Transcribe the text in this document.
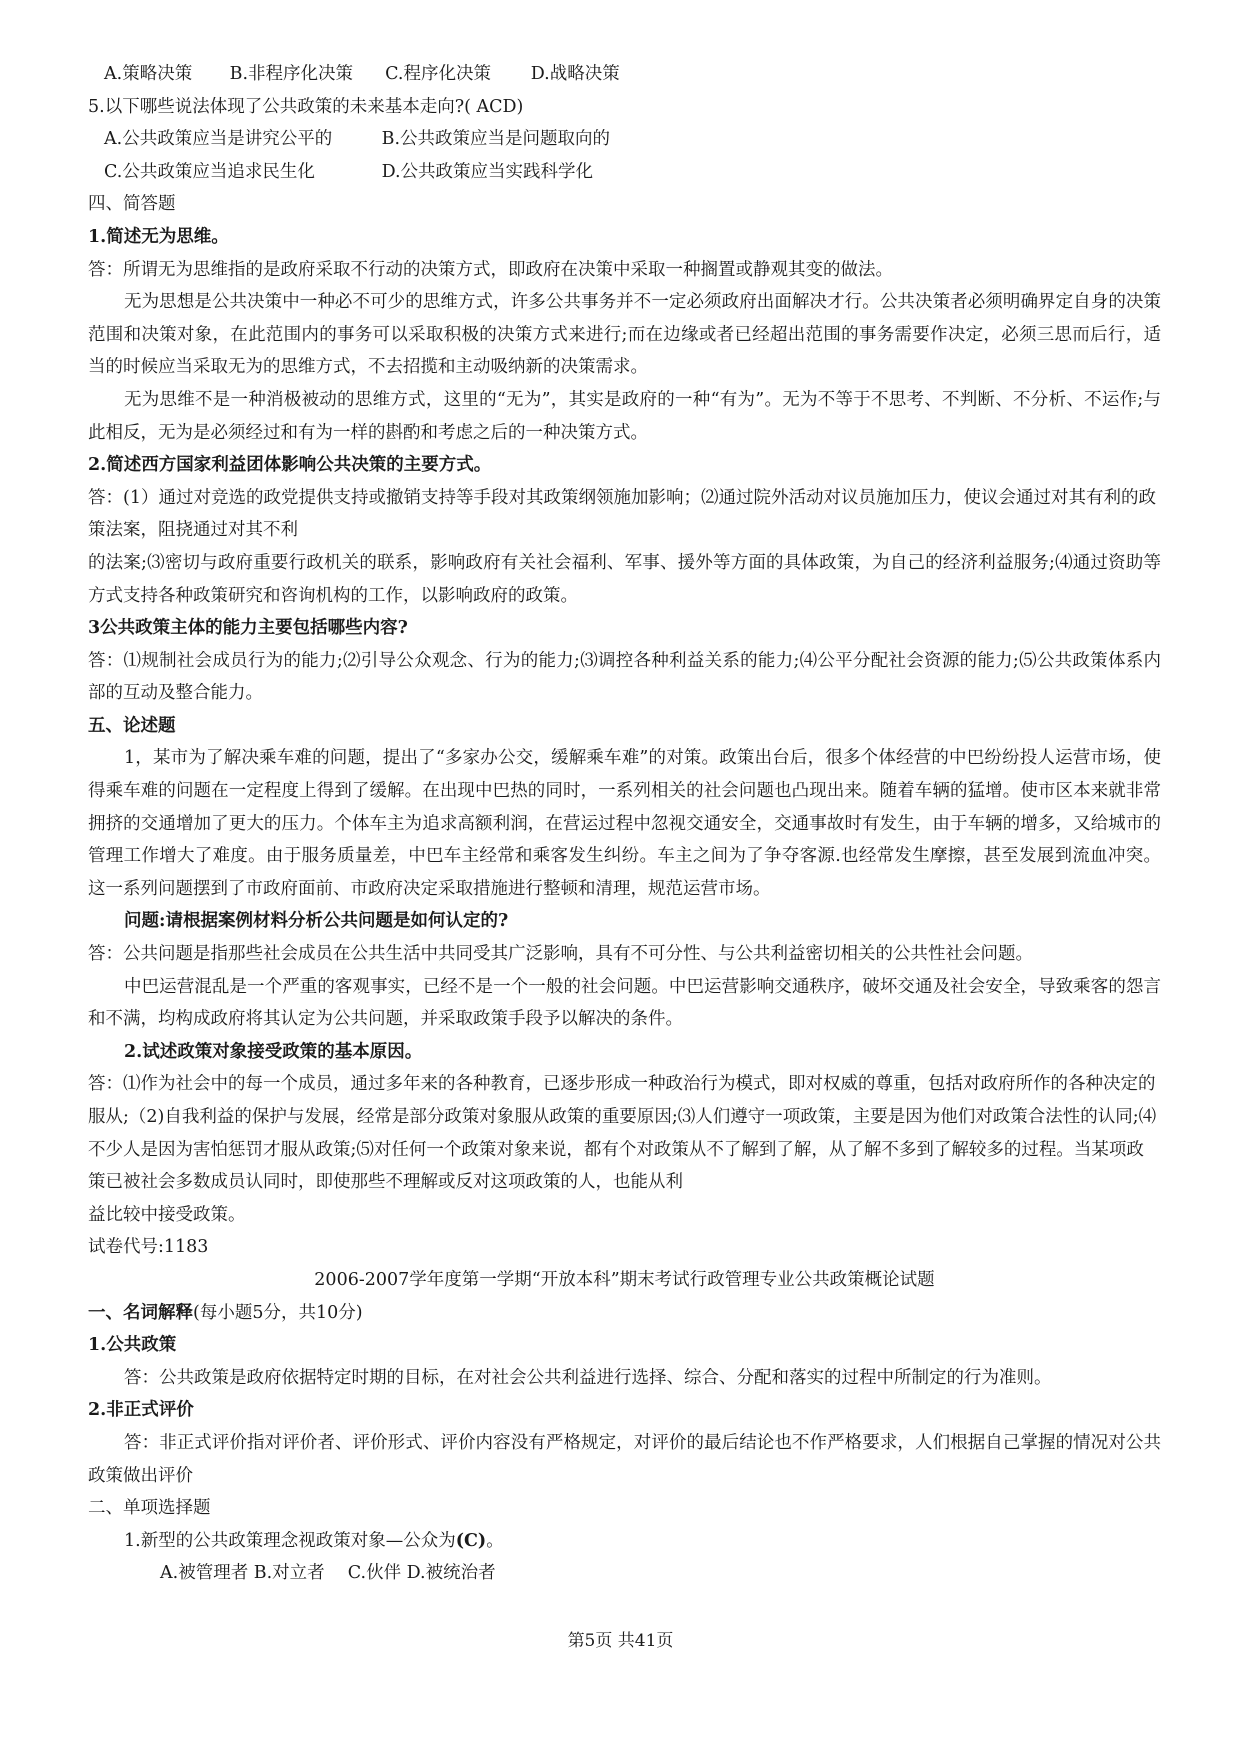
A.策略决策 B.非程序化决策 C.程序化决策 D.战略决策
5.以下哪些说法体现了公共政策的未来基本走向?( ACD)
A.公共政策应当是讲究公平的	B.公共政策应当是问题取向的
C.公共政策应当追求民生化	D.公共政策应当实践科学化
四、简答题
1.简述无为思维。
答：所谓无为思维指的是政府采取不行动的决策方式，即政府在决策中采取一种搁置或静观其变的做法。
无为思想是公共决策中一种必不可少的思维方式，许多公共事务并不一定必须政府出面解决才行。公共决策者必须明确界定自身的决策范围和决策对象，在此范围内的事务可以采取积极的决策方式来进行;而在边缘或者已经超出范围的事务需要作决定，必须三思而后行，适当的时候应当采取无为的思维方式，不去招揽和主动吸纳新的决策需求。
无为思维不是一种消极被动的思维方式，这里的“无为”，其实是政府的一种“有为”。无为不等于不思考、不判断、不分析、不运作;与此相反，无为是必须经过和有为一样的斟酌和考虑之后的一种决策方式。
2.简述西方国家利益团体影响公共决策的主要方式。
答：(1）通过对竞选的政党提供支持或撤销支持等手段对其政策纲领施加影响；⑵通过院外活动对议员施加压力，使议会通过对其有利的政策法案，阻挠通过对其不利
的法案;⑶密切与政府重要行政机关的联系，影响政府有关社会福利、军事、援外等方面的具体政策，为自己的经济利益服务;⑷通过资助等方式支持各种政策研究和咨询机构的工作，以影响政府的政策。
3公共政策主体的能力主要包括哪些内容?
答：⑴规制社会成员行为的能力;⑵引导公众观念、行为的能力;⑶调控各种利益关系的能力;⑷公平分配社会资源的能力;⑸公共政策体系内部的互动及整合能力。
五、论述题
1，某市为了解决乘车难的问题，提出了“多家办公交，缓解乘车难”的对策。政策出台后，很多个体经营的中巴纷纷投人运营市场，使得乘车难的问题在一定程度上得到了缓解。在出现中巴热的同时，一系列相关的社会问题也凸现出来。随着车辆的猛增。使市区本来就非常拥挤的交通增加了更大的压力。个体车主为追求高额利润，在营运过程中忽视交通安全，交通事故时有发生，由于车辆的增多，又给城市的管理工作增大了难度。由于服务质量差，中巴车主经常和乘客发生纠纷。车主之间为了争夺客源.也经常发生摩擦，甚至发展到流血冲突。这一系列问题摆到了市政府面前、市政府决定采取措施进行整顿和清理，规范运营市场。
问题:请根据案例材料分析公共问题是如何认定的?
答：公共问题是指那些社会成员在公共生活中共同受其广泛影响，具有不可分性、与公共利益密切相关的公共性社会问题。
中巴运营混乱是一个严重的客观事实，已经不是一个一般的社会问题。中巴运营影响交通秩序，破坏交通及社会安全，导致乘客的怨言和不满，均构成政府将其认定为公共问题，并采取政策手段予以解决的条件。
2.试述政策对象接受政策的基本原因。
答：⑴作为社会中的每一个成员，通过多年来的各种教育，已逐步形成一种政治行为模式，即对权威的尊重，包括对政府所作的各种决定的服从;（2)自我利益的保护与发展，经常是部分政策对象服从政策的重要原因;⑶人们遵守一项政策，主要是因为他们对政策合法性的认同;⑷不少人是因为害怕惩罚才服从政策;⑸对任何一个政策对象来说，都有个对政策从不了解到了解，从了解不多到了解较多的过程。当某项政策已被社会多数成员认同时，即使那些不理解或反对这项政策的人，也能从利
益比较中接受政策。
试卷代号:1183
2006-2007学年度第一学期“开放本科”期末考试行政管理专业公共政策概论试题
一、名词解释(每小题5分，共10分)
1.公共政策
答：公共政策是政府依据特定时期的目标，在对社会公共利益进行选择、综合、分配和落实的过程中所制定的行为准则。
2.非正式评价
答：非正式评价指对评价者、评价形式、评价内容没有严格规定，对评价的最后结论也不作严格要求，人们根据自己掌握的情况对公共政策做出评价
二、单项选择题
1.新型的公共政策理念视政策对象—公众为(C)。
A.被管理者 B.对立者　 C.伙伴 D.被统治者
第5页 共41页
